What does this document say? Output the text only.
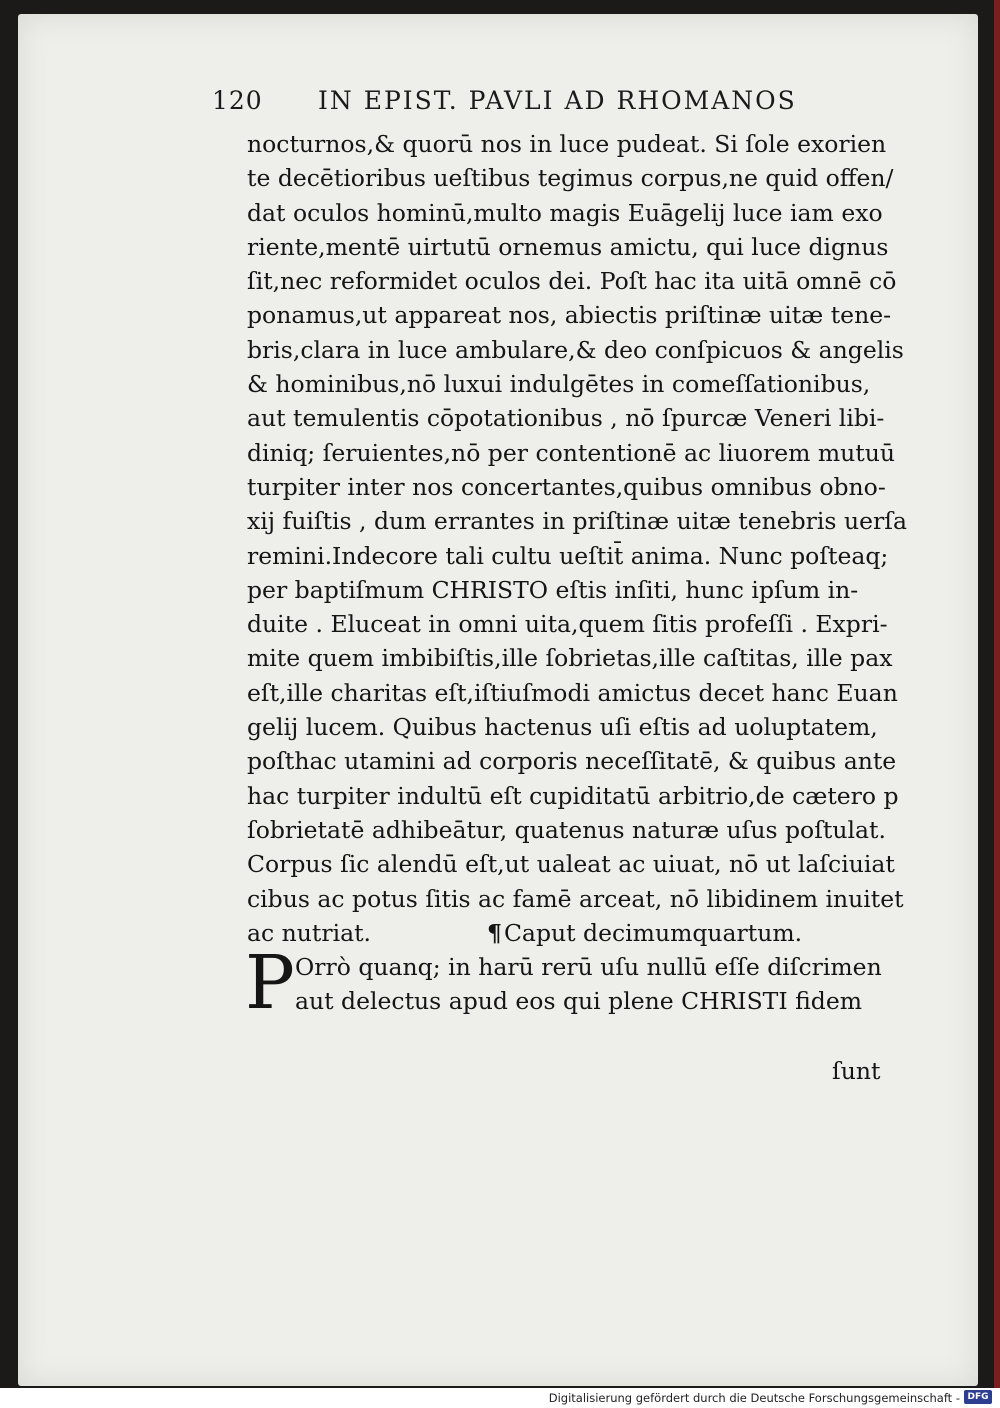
120 IN EPIST. PAVLI AD RHOMANOS
nocturnos,& quorū nos in luce pudeat. Si ſole exorien
te decētioribus ueſtibus tegimus corpus,ne quid offen/
dat oculos hominū,multo magis Euāgelij luce iam exo
riente,mentē uirtutū ornemus amictu, qui luce dignus
ſit,nec reformidet oculos dei. Poſt hac ita uitā omnē cō
ponamus,ut appareat nos, abiectis priſtinæ uitæ tene-
bris,clara in luce ambulare,& deo conſpicuos & angelis
& hominibus,nō luxui indulgētes in comeſſationibus,
aut temulentis cōpotationibus , nō ſpurcæ Veneri libi-
diniq; ſeruientes,nō per contentionē ac liuorem mutuū
turpiter inter nos concertantes,quibus omnibus obno-
xij fuiſtis , dum errantes in priſtinæ uitæ tenebris uerſa
remini.Indecore tali cultu ueſtit̄ anima. Nunc poſteaq;
per baptiſmum CHRISTO eſtis inſiti, hunc ipſum in-
duite . Eluceat in omni uita,quem ſitis profeſſi . Expri-
mite quem imbibiſtis,ille ſobrietas,ille caſtitas, ille pax
eſt,ille charitas eſt,iſtiuſmodi amictus decet hanc Euan
gelij lucem. Quibus hactenus uſi eſtis ad uoluptatem,
poſthac utamini ad corporis neceſſitatē, & quibus ante
hac turpiter indultū eſt cupiditatū arbitrio,de cætero p
ſobrietatē adhibeātur, quatenus naturæ uſus poſtulat.
Corpus ſic alendū eſt,ut ualeat ac uiuat, nō ut laſciuiat
cibus ac potus ſitis ac famē arceat, nō libidinem inuitet
ac nutriat.	¶Caput decimumquartum.
P Orrò quanq; in harū rerū uſu nullū eſſe diſcrimen
aut delectus apud eos qui plene CHRISTI fidem
ſunt
Digitalisierung gefördert durch die Deutsche Forschungsgemeinschaft - DFG
